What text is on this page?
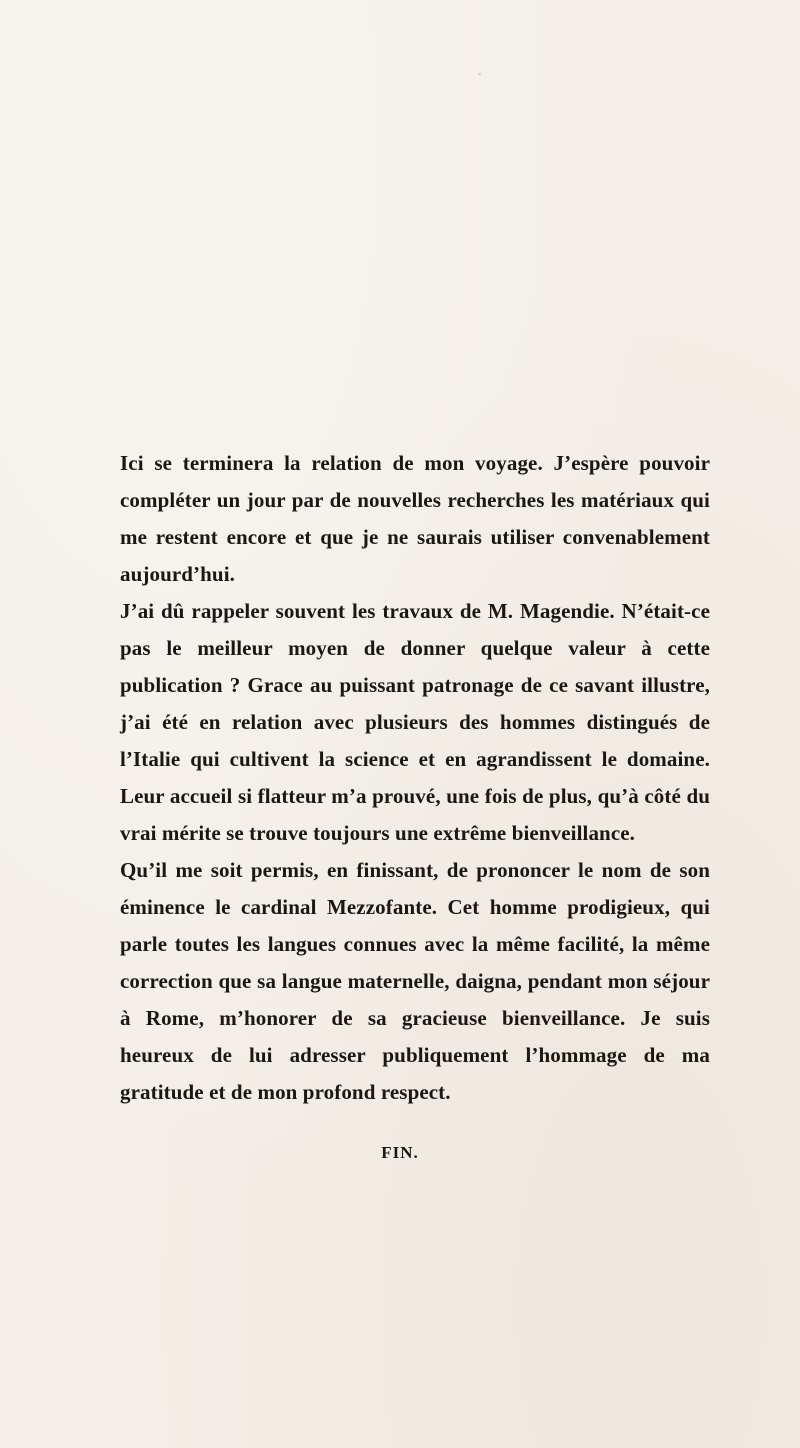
Ici se terminera la relation de mon voyage. J’espère pouvoir compléter un jour par de nouvelles recherches les matériaux qui me restent encore et que je ne saurais utiliser convenablement aujourd’hui.

J’ai dû rappeler souvent les travaux de M. Magendie. N’était-ce pas le meilleur moyen de donner quelque valeur à cette publication ? Grace au puissant patronage de ce savant illustre, j’ai été en relation avec plusieurs des hommes distingués de l’Italie qui cultivent la science et en agrandissent le domaine. Leur accueil si flatteur m’a prouvé, une fois de plus, qu’à côté du vrai mérite se trouve toujours une extrême bienveillance.

Qu’il me soit permis, en finissant, de prononcer le nom de son éminence le cardinal Mezzofante. Cet homme prodigieux, qui parle toutes les langues connues avec la même facilité, la même correction que sa langue maternelle, daigna, pendant mon séjour à Rome, m’honorer de sa gracieuse bienveillance. Je suis heureux de lui adresser publiquement l’hommage de ma gratitude et de mon profond respect.

FIN.
